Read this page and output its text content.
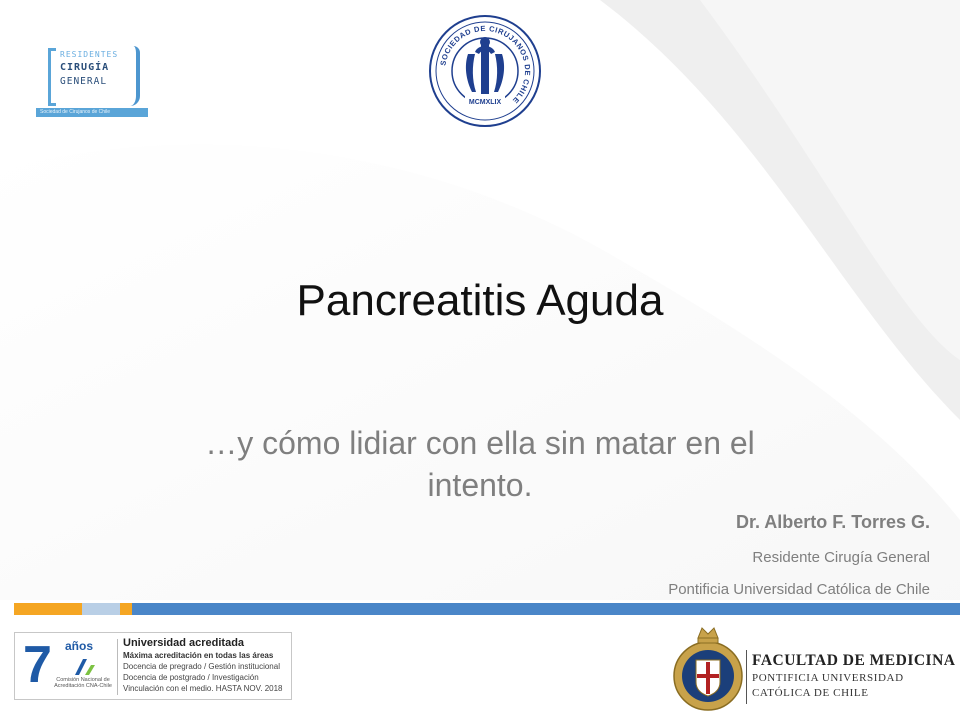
RESIDENTES
CIRUGÍA
GENERAL
Sociedad de Cirujanos de Chile
SOCIEDAD DE CIRUJANOS DE CHILE
MCMXLIX
Pancreatitis Aguda
…y cómo lidiar con ella sin matar en el intento.
Dr. Alberto F. Torres G.
Residente Cirugía General
Pontificia Universidad Católica de Chile
7 años
Comisión Nacional de Acreditación CNA-Chile
Universidad acreditada
Máxima acreditación en todas las áreas
Docencia de pregrado / Gestión institucional
Docencia de postgrado / Investigación
Vinculación con el medio. HASTA NOV. 2018
FACULTAD DE MEDICINA
PONTIFICIA UNIVERSIDAD
CATÓLICA DE CHILE
